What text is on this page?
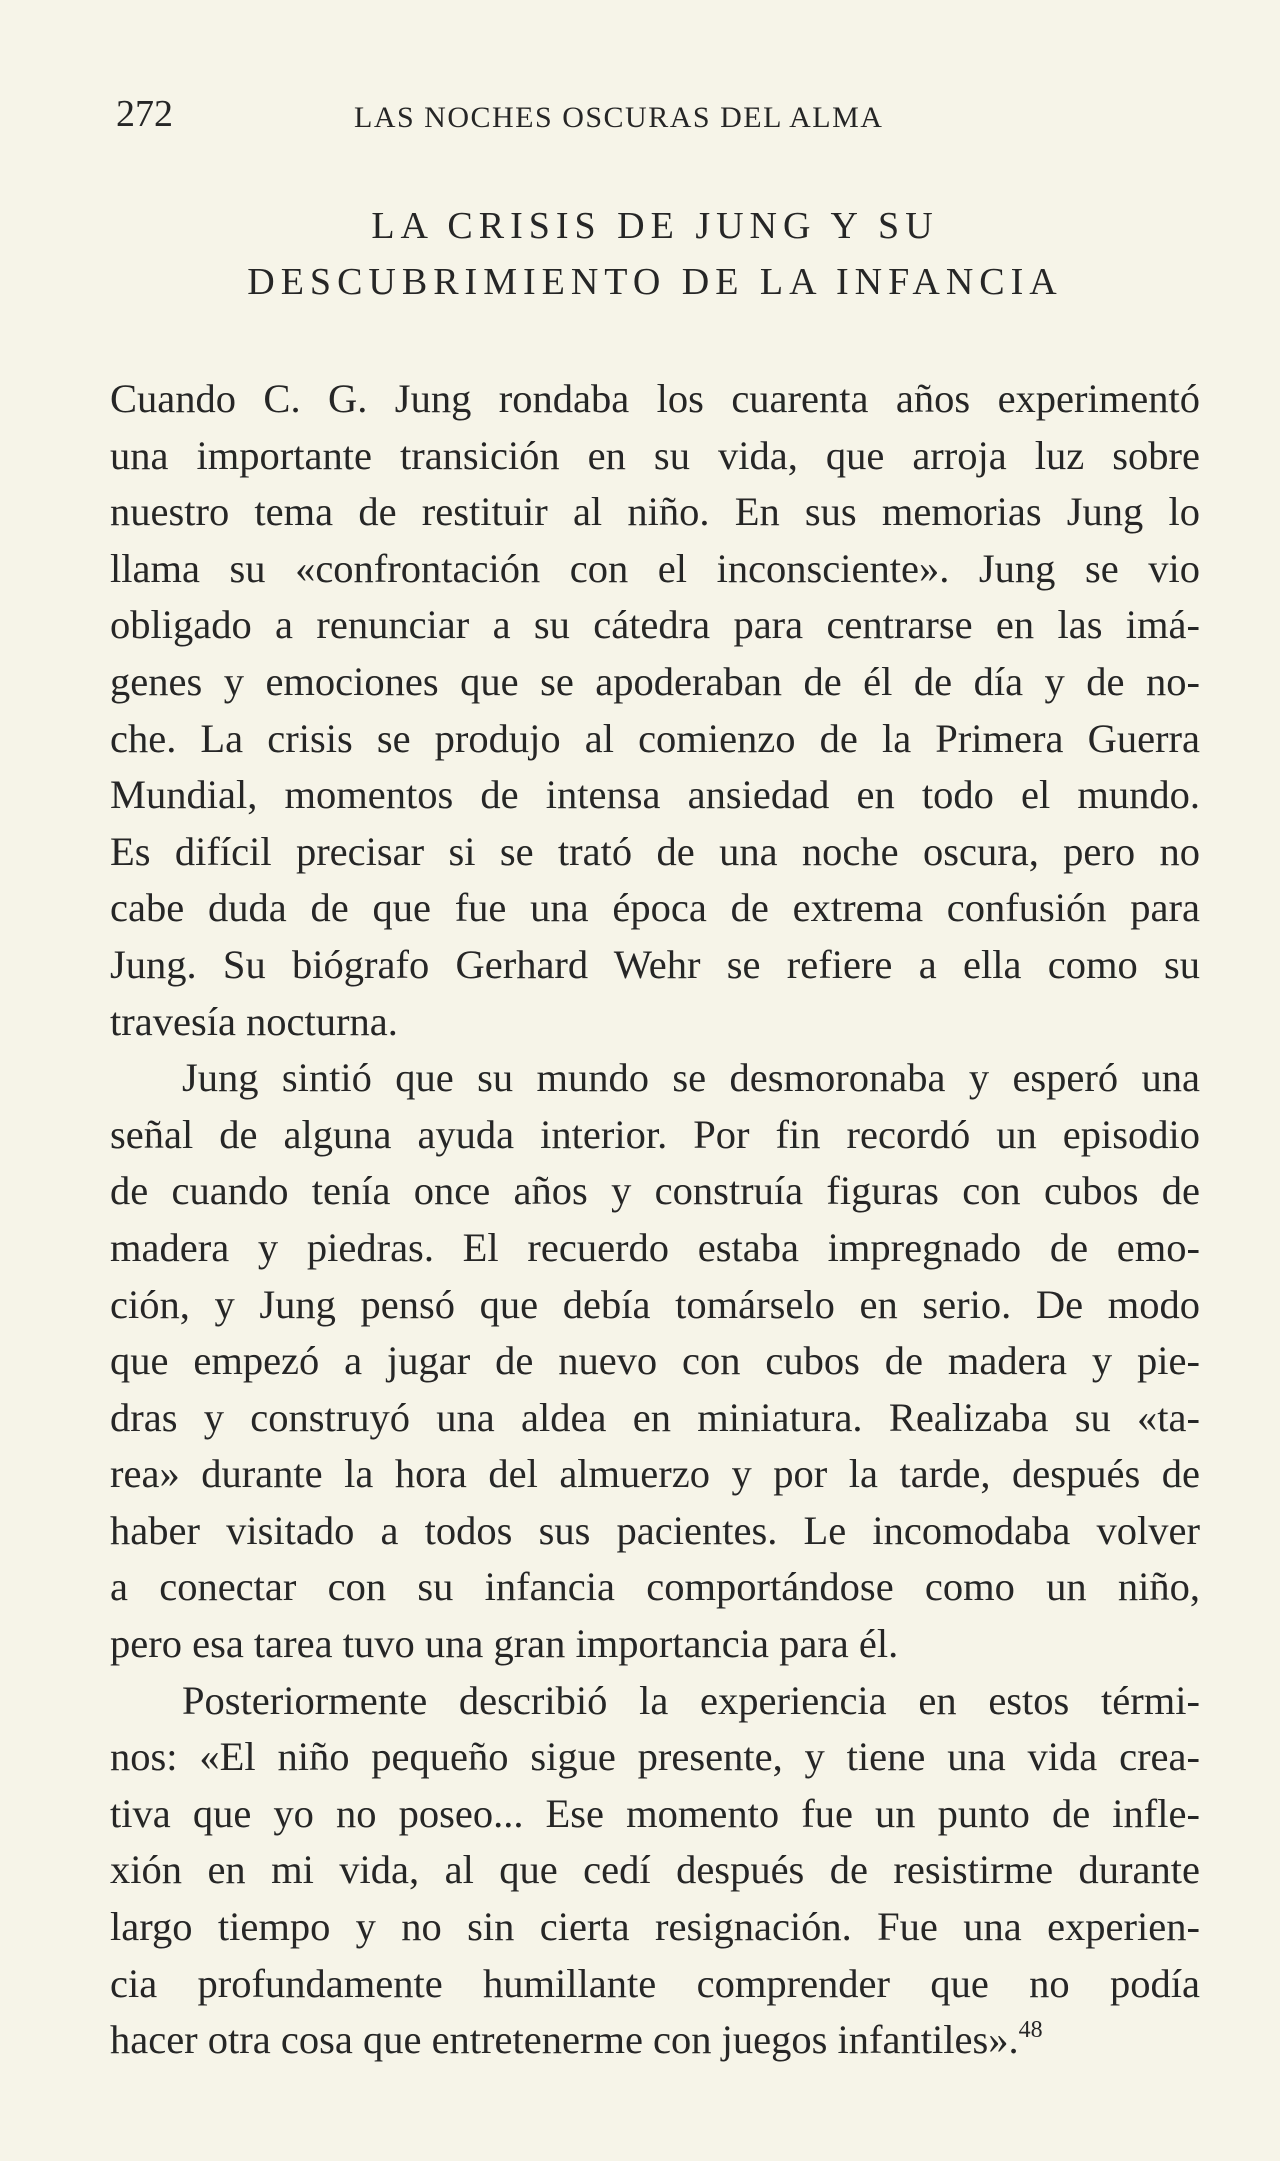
272	LAS NOCHES OSCURAS DEL ALMA
LA CRISIS DE JUNG Y SU
DESCUBRIMIENTO DE LA INFANCIA
Cuando C. G. Jung rondaba los cuarenta años experimentó
una importante transición en su vida, que arroja luz sobre
nuestro tema de restituir al niño. En sus memorias Jung lo
llama su «confrontación con el inconsciente». Jung se vio
obligado a renunciar a su cátedra para centrarse en las imá-
genes y emociones que se apoderaban de él de día y de no-
che. La crisis se produjo al comienzo de la Primera Guerra
Mundial, momentos de intensa ansiedad en todo el mundo.
Es difícil precisar si se trató de una noche oscura, pero no
cabe duda de que fue una época de extrema confusión para
Jung. Su biógrafo Gerhard Wehr se refiere a ella como su
travesía nocturna.
Jung sintió que su mundo se desmoronaba y esperó una
señal de alguna ayuda interior. Por fin recordó un episodio
de cuando tenía once años y construía figuras con cubos de
madera y piedras. El recuerdo estaba impregnado de emo-
ción, y Jung pensó que debía tomárselo en serio. De modo
que empezó a jugar de nuevo con cubos de madera y pie-
dras y construyó una aldea en miniatura. Realizaba su «ta-
rea» durante la hora del almuerzo y por la tarde, después de
haber visitado a todos sus pacientes. Le incomodaba volver
a conectar con su infancia comportándose como un niño,
pero esa tarea tuvo una gran importancia para él.
Posteriormente describió la experiencia en estos térmi-
nos: «El niño pequeño sigue presente, y tiene una vida crea-
tiva que yo no poseo... Ese momento fue un punto de infle-
xión en mi vida, al que cedí después de resistirme durante
largo tiempo y no sin cierta resignación. Fue una experien-
cia profundamente humillante comprender que no podía
hacer otra cosa que entretenerme con juegos infantiles».$^{48}$
